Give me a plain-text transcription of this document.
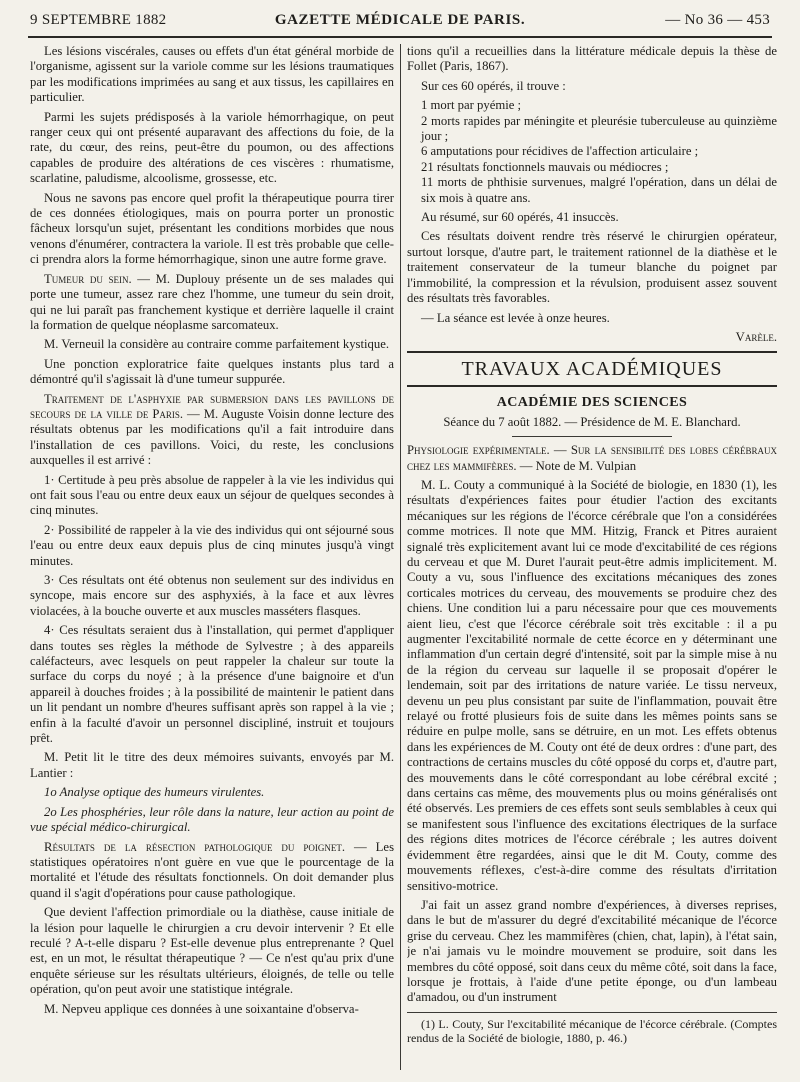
9 SEPTEMBRE 1882	GAZETTE MÉDICALE DE PARIS.	— No 36 — 453

Les lésions viscérales, causes ou effets d'un état général morbide de l'organisme, agissent sur la variole comme sur les lésions traumatiques par les modifications imprimées au sang et aux tissus, les capillaires en particulier.

Parmi les sujets prédisposés à la variole hémorrhagique, on peut ranger ceux qui ont présenté auparavant des affections du foie, de la rate, du cœur, des reins, peut-être du poumon, ou des affections capables de produire des altérations de ces viscères : rhumatisme, scarlatine, paludisme, alcoolisme, grossesse, etc.

Nous ne savons pas encore quel profit la thérapeutique pourra tirer de ces données étiologiques, mais on pourra porter un pronostic fâcheux lorsqu'un sujet, présentant les conditions morbides que nous venons d'énumérer, contractera la variole. Il est très probable que celle-ci prendra alors la forme hémorrhagique, sinon une autre forme grave.

Tumeur du sein. — M. Duplouy présente un de ses malades qui porte une tumeur, assez rare chez l'homme, une tumeur du sein droit, qui ne lui paraît pas franchement kystique et derrière laquelle il craint la formation de quelque néoplasme sarcomateux.

M. Verneuil la considère au contraire comme parfaitement kystique.

Une ponction exploratrice faite quelques instants plus tard a démontré qu'il s'agissait là d'une tumeur suppurée.

Traitement de l'asphyxie par submersion dans les pavillons de secours de la ville de Paris. — M. Auguste Voisin donne lecture des résultats obtenus par les modifications qu'il a fait introduire dans l'installation de ces pavillons. Voici, du reste, les conclusions auxquelles il est arrivé :

1· Certitude à peu près absolue de rappeler à la vie les individus qui ont fait sous l'eau ou entre deux eaux un séjour de quelques secondes à cinq minutes.

2· Possibilité de rappeler à la vie des individus qui ont séjourné sous l'eau ou entre deux eaux depuis plus de cinq minutes jusqu'à vingt minutes.

3· Ces résultats ont été obtenus non seulement sur des individus en syncope, mais encore sur des asphyxiés, à la face et aux lèvres violacées, à la bouche ouverte et aux muscles masséters flasques.

4· Ces résultats seraient dus à l'installation, qui permet d'appliquer dans toutes ses règles la méthode de Sylvestre ; à des appareils caléfacteurs, avec lesquels on peut rappeler la chaleur sur toute la surface du corps du noyé ; à la présence d'une baignoire et d'un appareil à douches froides ; à la possibilité de maintenir le patient dans un lit pendant un nombre d'heures suffisant après son rappel à la vie ; enfin à la faculté d'avoir un personnel discipliné, instruit et toujours prêt.

M. Petit lit le titre des deux mémoires suivants, envoyés par M. Lantier :

1o Analyse optique des humeurs virulentes.

2o Les phosphéries, leur rôle dans la nature, leur action au point de vue spécial médico-chirurgical.

Résultats de la résection pathologique du poignet. — Les statistiques opératoires n'ont guère en vue que le pourcentage de la mortalité et l'étude des résultats fonctionnels. On doit demander plus quand il s'agit d'opérations pour cause pathologique.

Que devient l'affection primordiale ou la diathèse, cause initiale de la lésion pour laquelle le chirurgien a cru devoir intervenir ? Et elle reculé ? A-t-elle disparu ? Est-elle devenue plus entreprenante ? Quel est, en un mot, le résultat thérapeutique ? — Ce n'est qu'au prix d'une enquête sérieuse sur les résultats ultérieurs, éloignés, de telle ou telle opération, qu'on peut avoir une statistique intégrale.

M. Nepveu applique ces données à une soixantaine d'observa-

tions qu'il a recueillies dans la littérature médicale depuis la thèse de Follet (Paris, 1867).

Sur ces 60 opérés, il trouve :

1 mort par pyémie ;
2 morts rapides par méningite et pleurésie tuberculeuse au quinzième jour ;
6 amputations pour récidives de l'affection articulaire ;
21 résultats fonctionnels mauvais ou médiocres ;
11 morts de phthisie survenues, malgré l'opération, dans un délai de six mois à quatre ans.

Au résumé, sur 60 opérés, 41 insuccès.

Ces résultats doivent rendre très réservé le chirurgien opérateur, surtout lorsque, d'autre part, le traitement rationnel de la diathèse et le traitement conservateur de la tumeur blanche du poignet par l'immobilité, la compression et la révulsion, produisent assez souvent des résultats très favorables.

— La séance est levée à onze heures.

Varèle.
TRAVAUX ACADÉMIQUES
ACADÉMIE DES SCIENCES
Séance du 7 août 1882. — Présidence de M. E. Blanchard.

Physiologie expérimentale. — Sur la sensibilité des lobes cérébraux chez les mammifères. — Note de M. Vulpian

M. L. Couty a communiqué à la Société de biologie, en 1830 (1), les résultats d'expériences faites pour étudier l'action des excitants mécaniques sur les régions de l'écorce cérébrale que l'on a considérées comme motrices. Il note que MM. Hitzig, Franck et Pitres auraient signalé très explicitement avant lui ce mode d'excitabilité de ces régions du cerveau et que M. Duret l'aurait peut-être admis implicitement. M. Couty a vu, sous l'influence des excitations mécaniques des zones corticales motrices du cerveau, des mouvements se produire chez des chiens. Une condition lui a paru nécessaire pour que ces mouvements aient lieu, c'est que l'écorce cérébrale soit très excitable : il a pu augmenter l'excitabilité normale de cette écorce en y déterminant une inflammation d'un certain degré d'intensité, soit par la simple mise à nu de la région du cerveau sur laquelle il se proposait d'opérer le lendemain, soit par des irritations de nature variée. Le tissu nerveux, devenu un peu plus consistant par suite de l'inflammation, pouvait être relayé ou frotté plusieurs fois de suite dans les mêmes points sans se réduire en pulpe molle, sans se détruire, en un mot. Les effets obtenus dans les expériences de M. Couty ont été de deux ordres : d'une part, des contractions de certains muscles du côté opposé du corps et, d'autre part, des mouvements dans le côté correspondant au lobe cérébral excité ; dans certains cas même, des mouvements plus ou moins généralisés ont été observés. Les premiers de ces effets sont seuls semblables à ceux qui se manifestent sous l'influence des excitations électriques de la surface des régions dites motrices de l'écorce cérébrale ; les autres doivent évidemment être regardées, ainsi que le dit M. Couty, comme des mouvements réflexes, c'est-à-dire comme des résultats d'irritation sensitivo-motrice.

J'ai fait un assez grand nombre d'expériences, à diverses reprises, dans le but de m'assurer du degré d'excitabilité mécanique de l'écorce grise du cerveau. Chez les mammifères (chien, chat, lapin), à l'état sain, je n'ai jamais vu le moindre mouvement se produire, soit dans les membres du côté opposé, soit dans ceux du même côté, soit dans la face, lorsque je frottais, à l'aide d'une petite éponge, ou d'un lambeau d'amadou, ou d'un instrument

(1) L. Couty, Sur l'excitabilité mécanique de l'écorce cérébrale. (Comptes rendus de la Société de biologie, 1880, p. 46.)
